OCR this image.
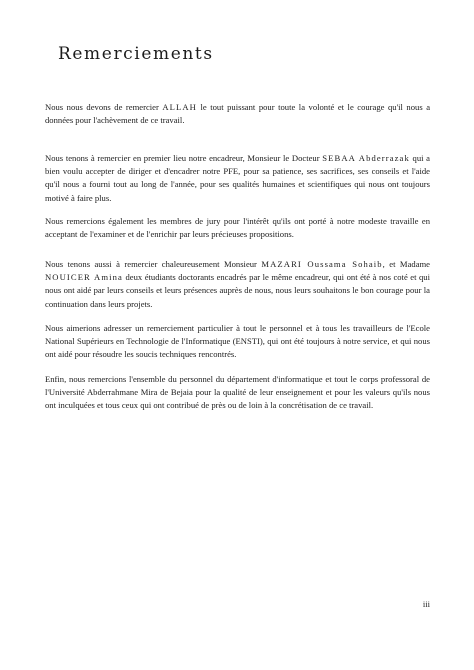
Remerciements

Nous nous devons de remercier ALLAH le tout puissant pour toute la volonté et le courage qu'il nous a données pour l'achèvement de ce travail.

Nous tenons à remercier en premier lieu notre encadreur, Monsieur le Docteur SEBAA Abderrazak qui a bien voulu accepter de diriger et d'encadrer notre PFE, pour sa patience, ses sacrifices, ses conseils et l'aide qu'il nous a fourni tout au long de l'année, pour ses qualités humaines et scientifiques qui nous ont toujours motivé à faire plus.

Nous remercions également les membres de jury pour l'intérêt qu'ils ont porté à notre modeste travaille en acceptant de l'examiner et de l'enrichir par leurs précieuses propositions.

Nous tenons aussi à remercier chaleureusement Monsieur MAZARI Oussama Sohaib, et Madame NOUICER Amina deux étudiants doctorants encadrés par le même encadreur, qui ont été à nos coté et qui nous ont aidé par leurs conseils et leurs présences auprès de nous, nous leurs souhaitons le bon courage pour la continuation dans leurs projets.

Nous aimerions adresser un remerciement particulier à tout le personnel et à tous les travailleurs de l'Ecole National Supérieurs en Technologie de l'Informatique (ENSTI), qui ont été toujours à notre service, et qui nous ont aidé pour résoudre les soucis techniques rencontrés.

Enfin, nous remercions l'ensemble du personnel du département d'informatique et tout le corps professoral de l'Université Abderrahmane Mira de Bejaia pour la qualité de leur enseignement et pour les valeurs qu'ils nous ont inculquées et tous ceux qui ont contribué de près ou de loin à la concrétisation de ce travail.

iii
